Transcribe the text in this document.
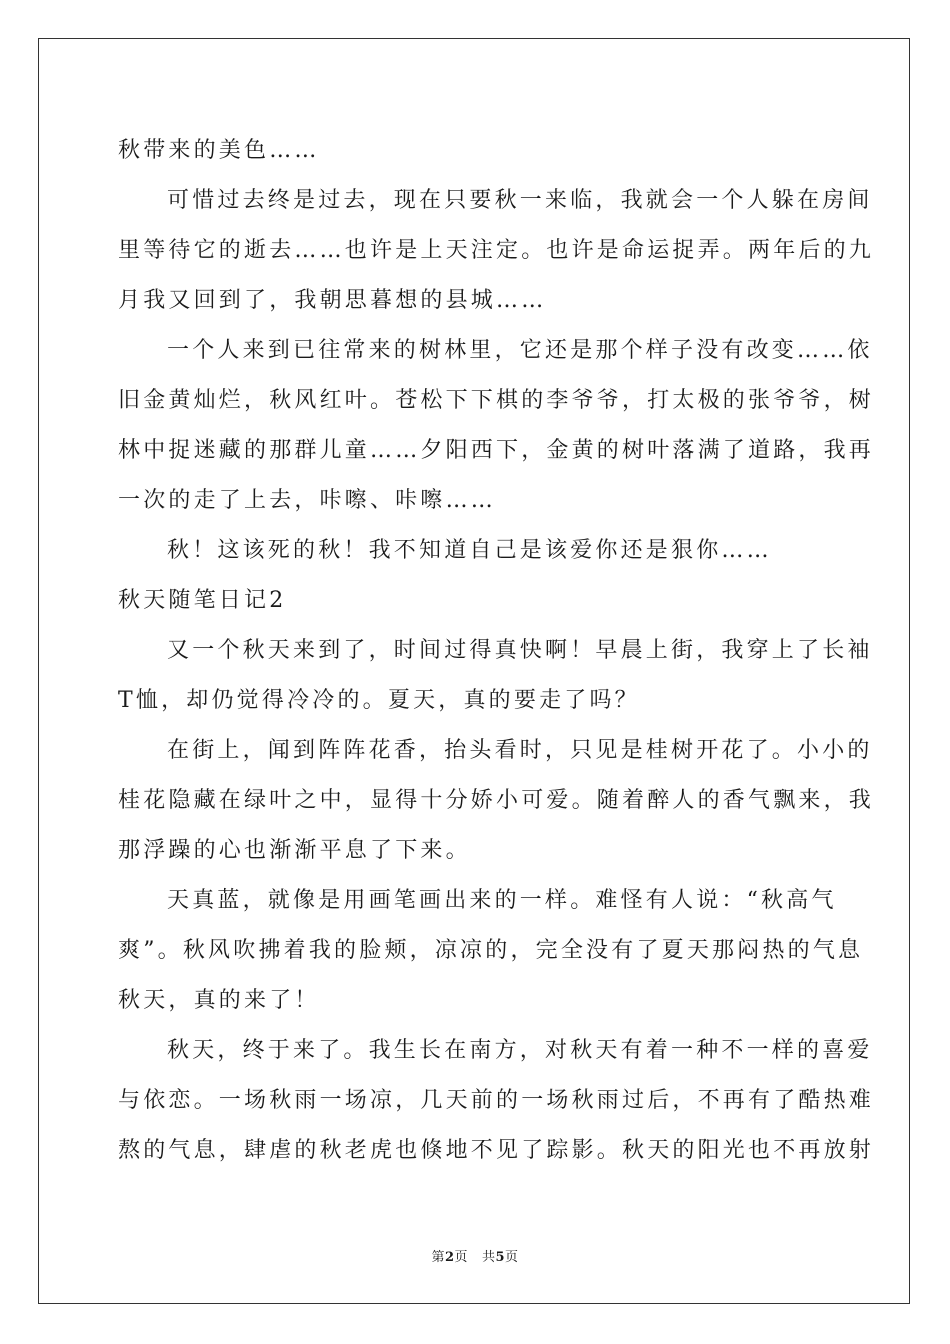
秋带来的美色……
可惜过去终是过去，现在只要秋一来临，我就会一个人躲在房间
里等待它的逝去……也许是上天注定。也许是命运捉弄。两年后的九
月我又回到了，我朝思暮想的县城……
一个人来到已往常来的树林里，它还是那个样子没有改变……依
旧金黄灿烂，秋风红叶。苍松下下棋的李爷爷，打太极的张爷爷，树
林中捉迷藏的那群儿童……夕阳西下，金黄的树叶落满了道路，我再
一次的走了上去，咔嚓、咔嚓……
秋！这该死的秋！我不知道自己是该爱你还是狠你……
秋天随笔日记2
又一个秋天来到了，时间过得真快啊！早晨上街，我穿上了长袖
T恤，却仍觉得冷冷的。夏天，真的要走了吗？
在街上，闻到阵阵花香，抬头看时，只见是桂树开花了。小小的
桂花隐藏在绿叶之中，显得十分娇小可爱。随着醉人的香气飘来，我
那浮躁的心也渐渐平息了下来。
天真蓝，就像是用画笔画出来的一样。难怪有人说：“秋高气
爽”。秋风吹拂着我的脸颊，凉凉的，完全没有了夏天那闷热的气息
秋天，真的来了！
秋天，终于来了。我生长在南方，对秋天有着一种不一样的喜爱
与依恋。一场秋雨一场凉，几天前的一场秋雨过后，不再有了酷热难
熬的气息，肆虐的秋老虎也倏地不见了踪影。秋天的阳光也不再放射
第2页 共5页
